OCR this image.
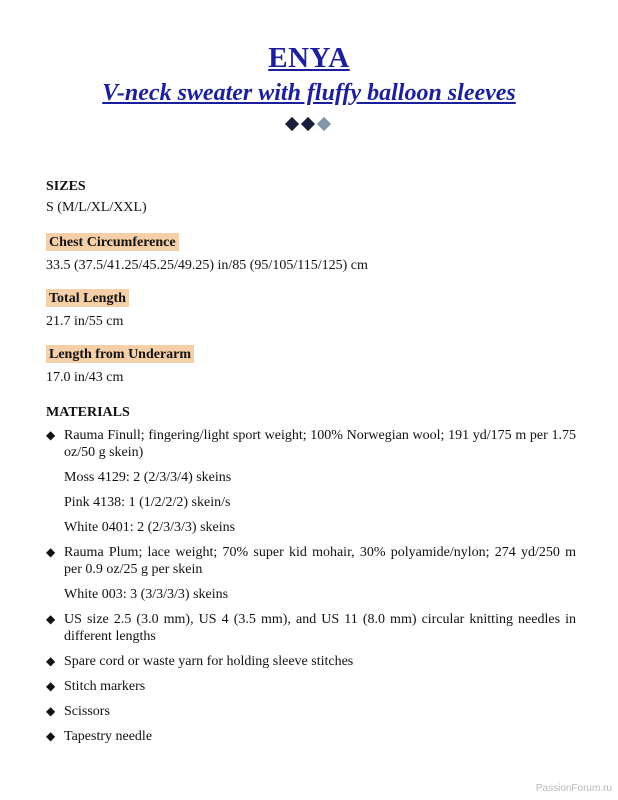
ENYA
V-neck sweater with fluffy balloon sleeves

SIZES

S (M/L/XL/XXL)

Chest Circumference

33.5 (37.5/41.25/45.25/49.25) in/85 (95/105/115/125) cm

Total Length

21.7 in/55 cm

Length from Underarm

17.0 in/43 cm

MATERIALS

◆ Rauma Finull; fingering/light sport weight; 100% Norwegian wool; 191 yd/175 m per 1.75 oz/50 g skein)

Moss 4129: 2 (2/3/3/4) skeins

Pink 4138: 1 (1/2/2/2) skein/s

White 0401: 2 (2/3/3/3) skeins

◆ Rauma Plum; lace weight; 70% super kid mohair, 30% polyamide/nylon; 274 yd/250 m per 0.9 oz/25 g per skein

White 003: 3 (3/3/3/3) skeins

◆ US size 2.5 (3.0 mm), US 4 (3.5 mm), and US 11 (8.0 mm) circular knitting needles in different lengths
◆ Spare cord or waste yarn for holding sleeve stitches
◆ Stitch markers
◆ Scissors
◆ Tapestry needle
PassionForum.ru
